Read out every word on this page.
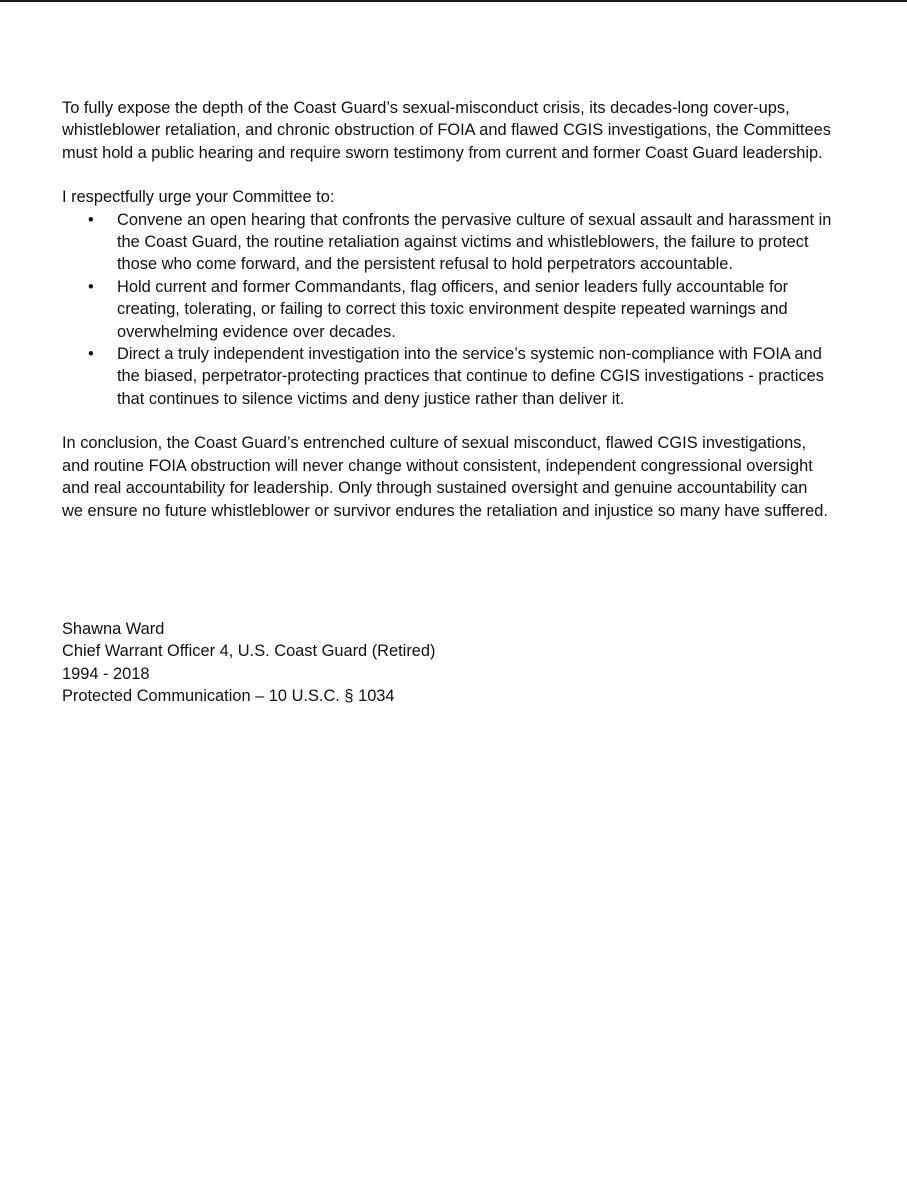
To fully expose the depth of the Coast Guard’s sexual-misconduct crisis, its decades-long cover-ups, whistleblower retaliation, and chronic obstruction of FOIA and flawed CGIS investigations, the Committees must hold a public hearing and require sworn testimony from current and former Coast Guard leadership.

I respectfully urge your Committee to:

• Convene an open hearing that confronts the pervasive culture of sexual assault and harassment in the Coast Guard, the routine retaliation against victims and whistleblowers, the failure to protect those who come forward, and the persistent refusal to hold perpetrators accountable.
• Hold current and former Commandants, flag officers, and senior leaders fully accountable for creating, tolerating, or failing to correct this toxic environment despite repeated warnings and overwhelming evidence over decades.
• Direct a truly independent investigation into the service’s systemic non-compliance with FOIA and the biased, perpetrator-protecting practices that continue to define CGIS investigations - practices that continues to silence victims and deny justice rather than deliver it.

In conclusion, the Coast Guard’s entrenched culture of sexual misconduct, flawed CGIS investigations, and routine FOIA obstruction will never change without consistent, independent congressional oversight and real accountability for leadership. Only through sustained oversight and genuine accountability can we ensure no future whistleblower or survivor endures the retaliation and injustice so many have suffered.

Shawna Ward
Chief Warrant Officer 4, U.S. Coast Guard (Retired)
1994 - 2018
Protected Communication – 10 U.S.C. § 1034
